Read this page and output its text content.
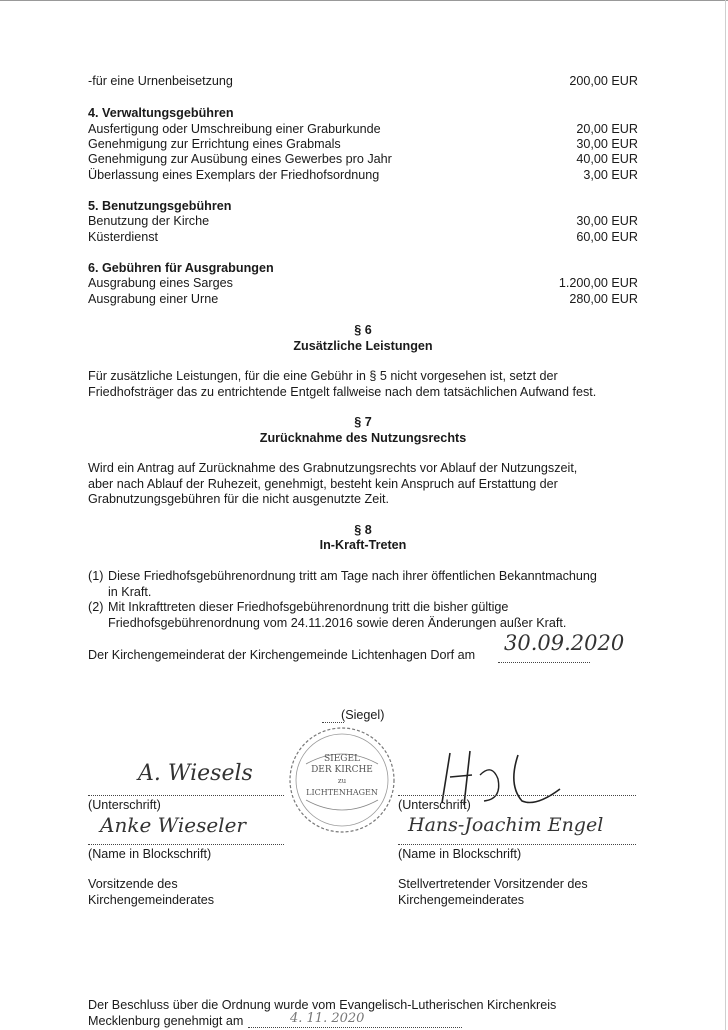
-für eine Urnenbeisetzung	200,00 EUR
4. Verwaltungsgebühren
Ausfertigung oder Umschreibung einer Graburkunde	20,00 EUR
Genehmigung zur Errichtung eines Grabmals	30,00 EUR
Genehmigung zur Ausübung eines Gewerbes pro Jahr	40,00 EUR
Überlassung eines Exemplars der Friedhofsordnung	3,00 EUR
5. Benutzungsgebühren
Benutzung der Kirche	30,00 EUR
Küsterdienst	60,00 EUR
6. Gebühren für Ausgrabungen
Ausgrabung eines Sarges	1.200,00 EUR
Ausgrabung einer Urne	280,00 EUR
§ 6
Zusätzliche Leistungen
Für zusätzliche Leistungen, für die eine Gebühr in § 5 nicht vorgesehen ist, setzt der
Friedhofsträger das zu entrichtende Entgelt fallweise nach dem tatsächlichen Aufwand fest.
§ 7
Zurücknahme des Nutzungsrechts
Wird ein Antrag auf Zurücknahme des Grabnutzungsrechts vor Ablauf der Nutzungszeit,
aber nach Ablauf der Ruhezeit, genehmigt, besteht kein Anspruch auf Erstattung der
Grabnutzungsgebühren für die nicht ausgenutzte Zeit.
§ 8
In-Kraft-Treten
(1) Diese Friedhofsgebührenordnung tritt am Tage nach ihrer öffentlichen Bekanntmachung
in Kraft.
(2) Mit Inkrafttreten dieser Friedhofsgebührenordnung tritt die bisher gültige
Friedhofsgebührenordnung vom 24.11.2016 sowie deren Änderungen außer Kraft.
Der Kirchengemeinderat der Kirchengemeinde Lichtenhagen Dorf am 30.09.2020
(Siegel)
SIEGEL
DER KIRCHE
zu
LICHTENHAGEN
A. Wiesels
(Unterschrift)
Anke Wieseler
(Name in Blockschrift)
Vorsitzende des
Kirchengemeinderates
(Unterschrift)
Hans-Joachim Engel
(Name in Blockschrift)
Stellvertretender Vorsitzender des
Kirchengemeinderates
Der Beschluss über die Ordnung wurde vom Evangelisch-Lutherischen Kirchenkreis
Mecklenburg genehmigt am	4. 11. 2020
